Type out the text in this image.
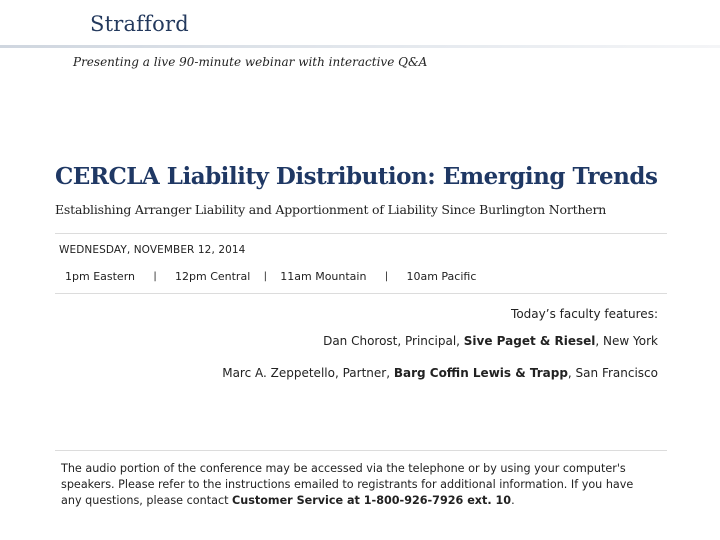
Strafford
Presenting a live 90-minute webinar with interactive Q&A
CERCLA Liability Distribution: Emerging Trends
Establishing Arranger Liability and Apportionment of Liability Since Burlington Northern
WEDNESDAY, NOVEMBER 12, 2014
1pm Eastern	|	12pm Central	|	11am Mountain	|	10am Pacific
Today’s faculty features:
Dan Chorost, Principal, Sive Paget & Riesel, New York
Marc A. Zeppetello, Partner, Barg Coffin Lewis & Trapp, San Francisco
The audio portion of the conference may be accessed via the telephone or by using your computer's speakers. Please refer to the instructions emailed to registrants for additional information. If you have any questions, please contact Customer Service at 1-800-926-7926 ext. 10.
